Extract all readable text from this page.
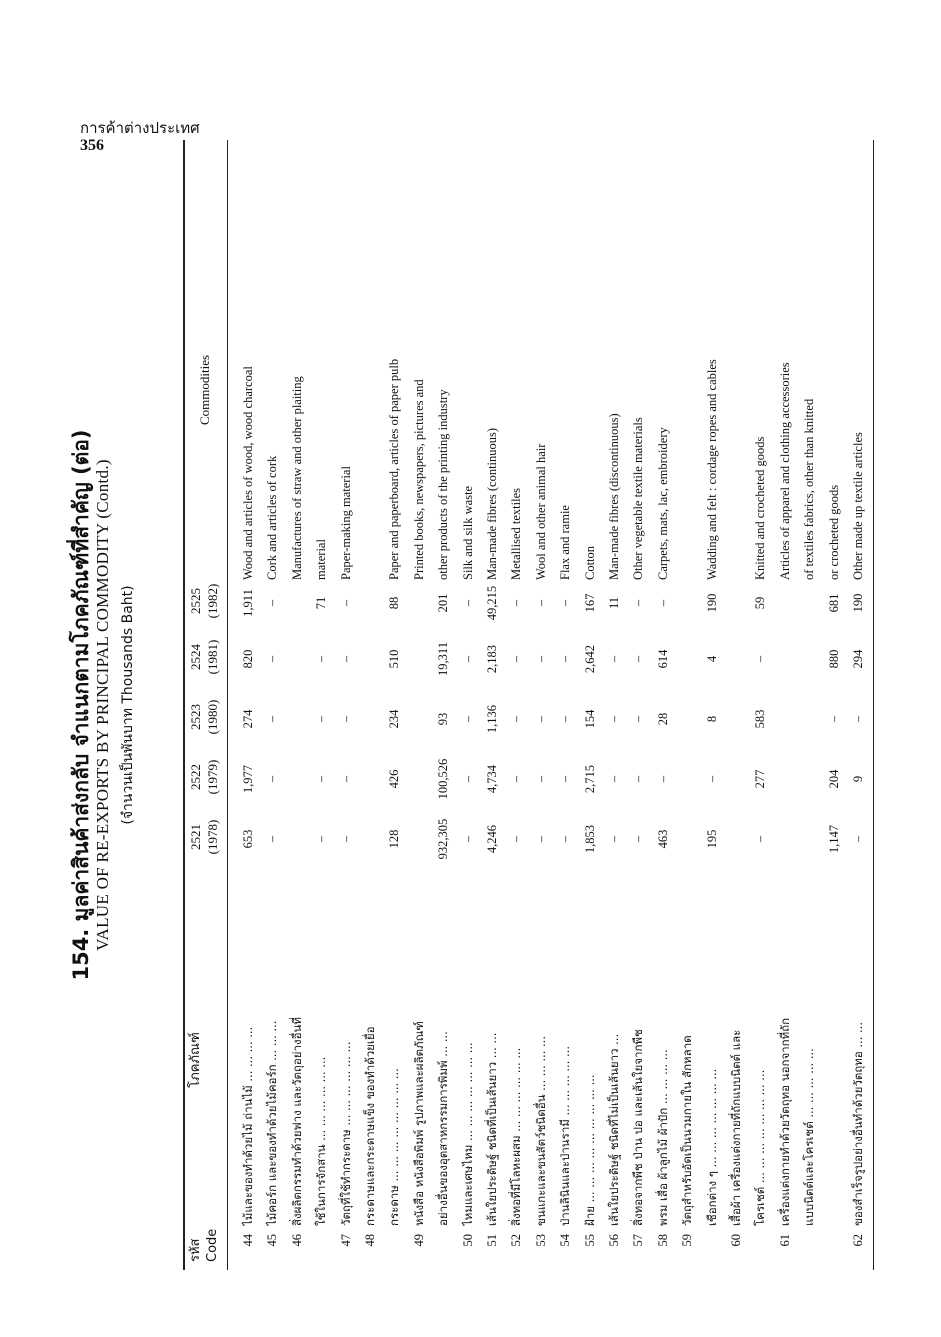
การค้าต่างประเทศ
356
154. มูลค่าสินค้าส่งกลับ จำแนกตามโภคภัณฑ์ที่สำคัญ (ต่อ) VALUE OF RE-EXPORTS BY PRINCIPAL COMMODITY (Contd.) (จำนวนเป็นพันบาท Thousands Baht)
รหัส Code
โภคภัณฑ์
2521 (1978)
2522 (1979)
2523 (1980)
2524 (1981)
2525 (1982)
Commodities
44
ไม้และของทำด้วยไม้ ถ่านไม้ ... ... ... ...
653
1,977
274
820
1,911
Wood and articles of wood, wood charcoal
45
ไม้คอร์ก และของทำด้วยไม้คอร์ก ... ... ...
–
–
–
–
–
Cork and articles of cork
46
สิ่งผลิตกรรมทำด้วยฟาง และวัตถุอย่างอื่นที่
Manufactures of straw and other plaiting
ใช้ในการจักสาน ... ... ... ... ... ...
–
–
–
–
71
material
47
วัตถุที่ใช้ทำกระดาษ ... ... ... ... ... ...
–
–
–
–
–
Paper-making material
48
กระดาษและกระดาษแข็ง ของทำด้วยเยื่อ กระดาษ ... ... ... ... ... ... ... ...
128
426
234
510
88
Paper and paperboard, articles of paper pulb
49
หนังสือ หนังสือพิมพ์ รูปภาพและผลิตภัณฑ์
Printed books, newspapers, pictures and
อย่างอื่นของอุตสาหกรรมการพิมพ์ ... ...
932,305
100,526
93
19,311
201
other products of the printing industry
50
ไหมและเศษไหม ... ... ... ... ... ... ...
–
–
–
–
–
Silk and silk waste
51
เส้นใยประดิษฐ์ ชนิดที่เป็นเส้นยาว ... ...
4,246
4,734
1,136
2,183
49,215
Man-made fibres (continuous)
52
สิ่งทอที่มีโลหะผสม ... ... ... ... ... ...
–
–
–
–
–
Metallised textiles
53
ขนแกะและขนสัตว์ชนิดอื่น ... ... ... ...
–
–
–
–
–
Wool and other animal hair
54
ป่านลินินและป่านรามี ... ... ... ... ...
–
–
–
–
–
Flax and ramie
55
ฝ้าย ... ... ... ... ... ... ... ... ...
1,853
2,715
154
2,642
167
Cotton
56
เส้นใยประดิษฐ์ ชนิดที่ไม่เป็นเส้นยาว ...
–
–
–
–
11
Man-made fibres (discontinuous)
57
สิ่งทอจากพืช ป่าน ปอ และเส้นใยจากพืช
–
–
–
–
–
Other vegetable textile materials
58
พรม เสื่อ ผ้าลูกไม้ ผ้าปัก ... ... ... ...
463
–
28
614
–
Carpets, mats, lac, embroidery
59
วัตถุสำหรับอัดเป็นนวมกายใน สักหลาด เชือกต่าง ๆ ... ... ... ... ... ... ...
195
–
8
4
190
Wadding and felt : cordage ropes and cables
60
เสื้อผ้า เครื่องแต่งกายที่ถักแบบนิตต์ และ โครเชต์ ... ... ... ... ... ... ... ...
–
277
583
–
59
Knitted and crocheted goods
61
เครื่องแต่งกายทำด้วยวัตถุทอ นอกจากที่ถัก
Articles of apparel and clothing accessories
แบบนิตต์และโครเชต์ ... ... ... ... ...
of textiles fabrics, other than knitted
1,147
204
–
880
681
or crocheted goods
62
ของสำเร็จรูปอย่างอื่นทำด้วยวัตถุทอ ... ...
–
9
–
294
190
Other made up textile articles
